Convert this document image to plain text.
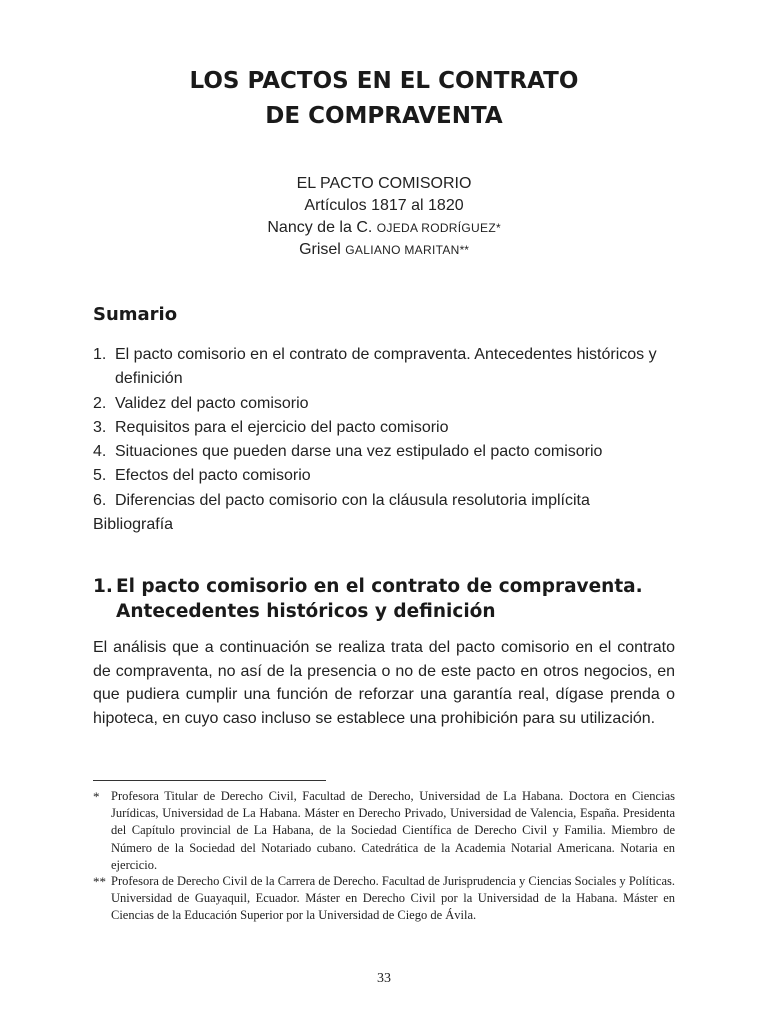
LOS PACTOS EN EL CONTRATO
DE COMPRAVENTA
EL PACTO COMISORIO
Artículos 1817 al 1820
Nancy de la C. OJEDA RODRÍGUEZ*
Grisel GALIANO MARITAN**
Sumario
1. El pacto comisorio en el contrato de compraventa. Antecedentes históricos y definición
2. Validez del pacto comisorio
3. Requisitos para el ejercicio del pacto comisorio
4. Situaciones que pueden darse una vez estipulado el pacto comisorio
5. Efectos del pacto comisorio
6. Diferencias del pacto comisorio con la cláusula resolutoria implícita
Bibliografía
1. El pacto comisorio en el contrato de compraventa.
Antecedentes históricos y definición
El análisis que a continuación se realiza trata del pacto comisorio en el contrato de compraventa, no así de la presencia o no de este pacto en otros negocios, en que pudiera cumplir una función de reforzar una garantía real, dígase prenda o hipoteca, en cuyo caso incluso se establece una prohibición para su utilización.
* Profesora Titular de Derecho Civil, Facultad de Derecho, Universidad de La Habana. Doctora en Ciencias Jurídicas, Universidad de La Habana. Máster en Derecho Privado, Universidad de Valencia, España. Presidenta del Capítulo provincial de La Habana, de la Sociedad Científica de Derecho Civil y Familia. Miembro de Número de la Sociedad del Notariado cubano. Catedrática de la Academia Notarial Americana. Notaria en ejercicio.
** Profesora de Derecho Civil de la Carrera de Derecho. Facultad de Jurisprudencia y Ciencias Sociales y Políticas. Universidad de Guayaquil, Ecuador. Máster en Derecho Civil por la Universidad de la Habana. Máster en Ciencias de la Educación Superior por la Universidad de Ciego de Ávila.
33
